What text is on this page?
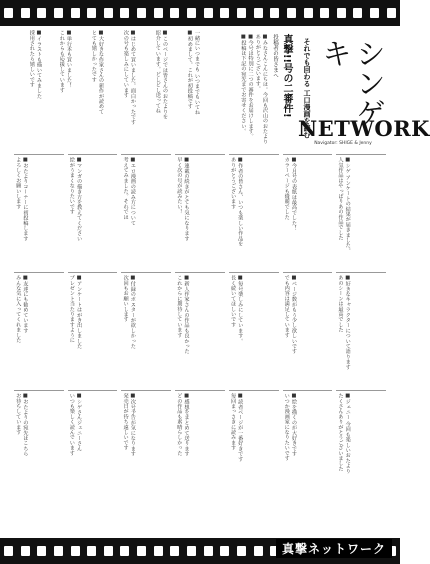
一緒にいつまでも いつまでもいてね
■初めまして。これが初投稿です
■このページでは皆さんのおたよりを
紹介しています。どしどし送ってね
■はじめて買いました。面白かったです
次の号も楽しみにしています
■大好きな作家さんの新作が読めて
とても嬉しかったです
■単行本も買いました！
これからも応援しています
■イラストも描いてみました
採用されたら嬉しいです	真撃!!号の二審件!
投稿者の皆さまへ
■みなさんこんにちは。今回も沢山のおたよりありがとうございます。
■今号は特別に二つの審件をお届けします。
■投稿は下記の宛先までお寄せください。	それでも回わる 工口漫画を読む	シンゲキ
NETWORK
Navigator: SHIGE & Jenny
■シゲ アンケートの結果が届きました。
人気作品はやっぱりあの作品でした
■今月号の表紙は最高でした！
カラーページも綺麗でした
■作者の皆さん、いつも楽しい作品を
ありがとうございます
■連載の続きがとても気になります
早く次の号が読みたい！
■エロ漫画の読み方について
考えてみました。それでは
■マンガの描き方を教えてください
絵がうまくなりたいです
■おたよりコーナーに初投稿します
よろしくお願いします
■好きなキャラクターについて語ります
あのシーンは最高でした
■ページ数がもう少し欲しいです
でも内容は満足しています
■毎号楽しみにしています。
長く続いてほしいです
■新人作家さんの作品も良かった
これからに期待しています
■付録のポスターが欲しかった
次回もお願いします
■アンケートはがき出しました
プレゼント当たりますように
■友達にも勧めています
みんな気に入ってくれました
■ジェニー 今回も楽しいおたより
たくさんありがとうございました
■絵を描くのが大好きです
いつか漫画家になりたいです
■読者ページが一番好きです
毎回まっさきに読みます
■感想をまとめて送ります
どの作品も素晴らしかった
■次号予告が気になります
発売日が待ち遠しいです
■シゲさんジェニーさん
いつも楽しく読んでいます
■おたよりの宛先はこちら
お待ちしています
真撃ネットワーク
